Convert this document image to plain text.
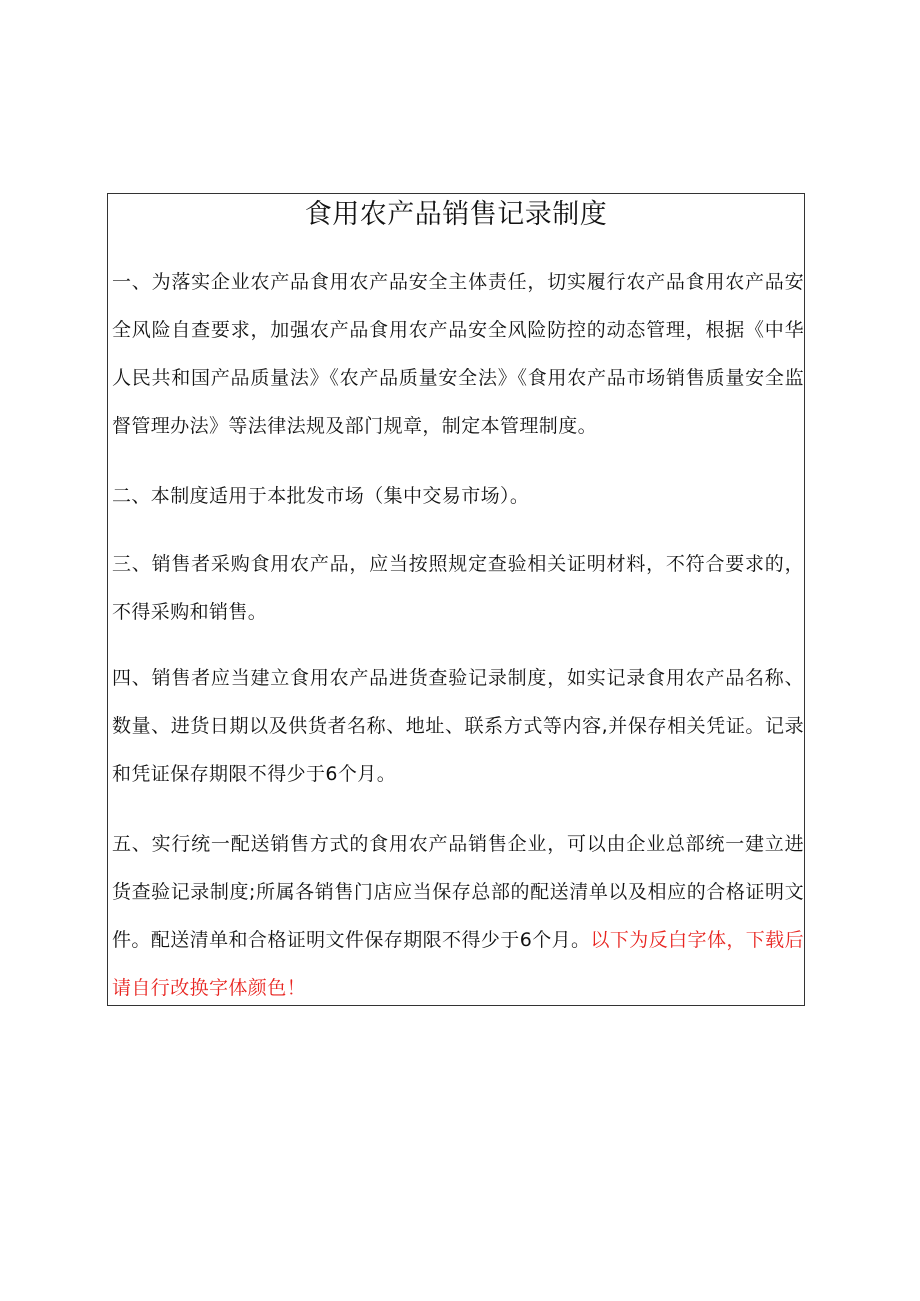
食用农产品销售记录制度

一、为落实企业农产品食用农产品安全主体责任，切实履行农产品食用农产品安全风险自查要求，加强农产品食用农产品安全风险防控的动态管理，根据《中华人民共和国产品质量法》《农产品质量安全法》《食用农产品市场销售质量安全监督管理办法》等法律法规及部门规章，制定本管理制度。

二、本制度适用于本批发市场（集中交易市场）。

三、销售者采购食用农产品，应当按照规定查验相关证明材料，不符合要求的，不得采购和销售。

四、销售者应当建立食用农产品进货查验记录制度，如实记录食用农产品名称、数量、进货日期以及供货者名称、地址、联系方式等内容,并保存相关凭证。记录和凭证保存期限不得少于6个月。

五、实行统一配送销售方式的食用农产品销售企业，可以由企业总部统一建立进货查验记录制度;所属各销售门店应当保存总部的配送清单以及相应的合格证明文件。配送清单和合格证明文件保存期限不得少于6个月。以下为反白字体，下载后请自行改换字体颜色！
